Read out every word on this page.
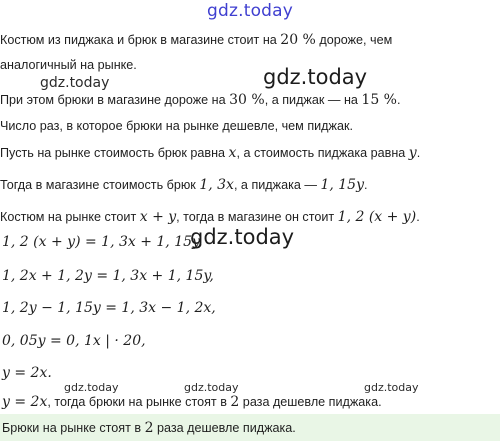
gdz.today
gdz.today	gdz.today
gdz.today
gdz.today	gdz.today	gdz.today
Костюм из пиджака и брюк в магазине стоит на 20 % дороже, чем
аналогичный на рынке.
При этом брюки в магазине дороже на 30 %, а пиджак — на 15 %.
Число раз, в которое брюки на рынке дешевле, чем пиджак.
Пусть на рынке стоимость брюк равна x, а стоимость пиджака равна y.
Тогда в магазине стоимость брюк 1, 3x, а пиджака — 1, 15y.
Костюм на рынке стоит x + y, тогда в магазине он стоит 1, 2 (x + y).
1, 2 (x + y) = 1, 3x + 1, 15y,
1, 2x + 1, 2y = 1, 3x + 1, 15y,
1, 2y − 1, 15y = 1, 3x − 1, 2x,
0, 05y = 0, 1x | · 20,
y = 2x.
y = 2x, тогда брюки на рынке стоят в 2 раза дешевле пиджака.
Брюки на рынке стоят в 2 раза дешевле пиджака.
